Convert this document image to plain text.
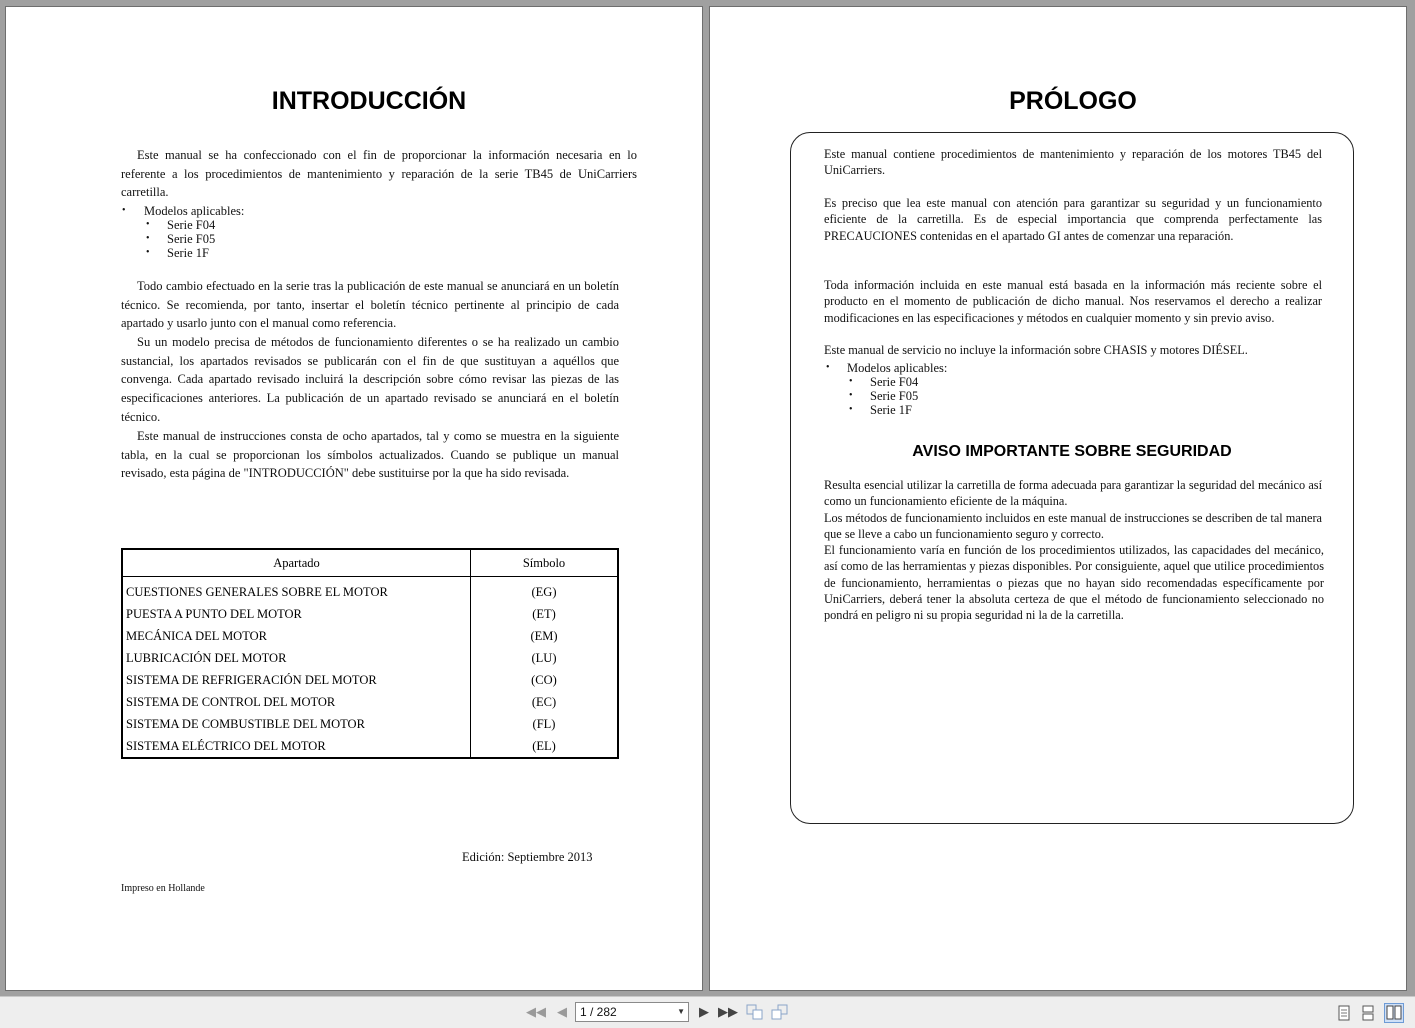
INTRODUCCIÓN

Este manual se ha confeccionado con el fin de proporcionar la información necesaria en lo referente a los procedimientos de mantenimiento y reparación de la serie TB45 de UniCarriers carretilla.

• Modelos aplicables:
• Serie F04
• Serie F05
• Serie 1F

Todo cambio efectuado en la serie tras la publicación de este manual se anunciará en un boletín técnico. Se recomienda, por tanto, insertar el boletín técnico pertinente al principio de cada apartado y usarlo junto con el manual como referencia.

Su un modelo precisa de métodos de funcionamiento diferentes o se ha realizado un cambio sustancial, los apartados revisados se publicarán con el fin de que sustituyan a aquéllos que convenga. Cada apartado revisado incluirá la descripción sobre cómo revisar las piezas de las especificaciones anteriores. La publicación de un apartado revisado se anunciará en el boletín técnico.

Este manual de instrucciones consta de ocho apartados, tal y como se muestra en la siguiente tabla, en la cual se proporcionan los símbolos actualizados. Cuando se publique un manual revisado, esta página de "INTRODUCCIÓN" debe sustituirse por la que ha sido revisada.

Apartado	Símbolo
CUESTIONES GENERALES SOBRE EL MOTOR	(EG)
PUESTA A PUNTO DEL MOTOR	(ET)
MECÁNICA DEL MOTOR	(EM)
LUBRICACIÓN DEL MOTOR	(LU)
SISTEMA DE REFRIGERACIÓN DEL MOTOR	(CO)
SISTEMA DE CONTROL DEL MOTOR	(EC)
SISTEMA DE COMBUSTIBLE DEL MOTOR	(FL)
SISTEMA ELÉCTRICO DEL MOTOR	(EL)
Edición: Septiembre 2013
Impreso en Hollande
PRÓLOGO

Este manual contiene procedimientos de mantenimiento y reparación de los motores TB45 del UniCarriers.

Es preciso que lea este manual con atención para garantizar su seguridad y un funcionamiento eficiente de la carretilla. Es de especial importancia que comprenda perfectamente las PRECAUCIONES contenidas en el apartado GI antes de comenzar una reparación.

Toda información incluida en este manual está basada en la información más reciente sobre el producto en el momento de publicación de dicho manual. Nos reservamos el derecho a realizar modificaciones en las especificaciones y métodos en cualquier momento y sin previo aviso.

Este manual de servicio no incluye la información sobre CHASIS y motores DIÉSEL.

• Modelos aplicables:
• Serie F04
• Serie F05
• Serie 1F
AVISO IMPORTANTE SOBRE SEGURIDAD

Resulta esencial utilizar la carretilla de forma adecuada para garantizar la seguridad del mecánico así como un funcionamiento eficiente de la máquina.

Los métodos de funcionamiento incluidos en este manual de instrucciones se describen de tal manera que se lleve a cabo un funcionamiento seguro y correcto.

El funcionamiento varía en función de los procedimientos utilizados, las capacidades del mecánico, así como de las herramientas y piezas disponibles. Por consiguiente, aquel que utilice procedimientos de funcionamiento, herramientas o piezas que no hayan sido recomendadas específicamente por UniCarriers, deberá tener la absoluta certeza de que el método de funcionamiento seleccionado no pondrá en peligro ni su propia seguridad ni la de la carretilla.

◀◀ ◀	1 / 282	▼	▶ ▶▶
